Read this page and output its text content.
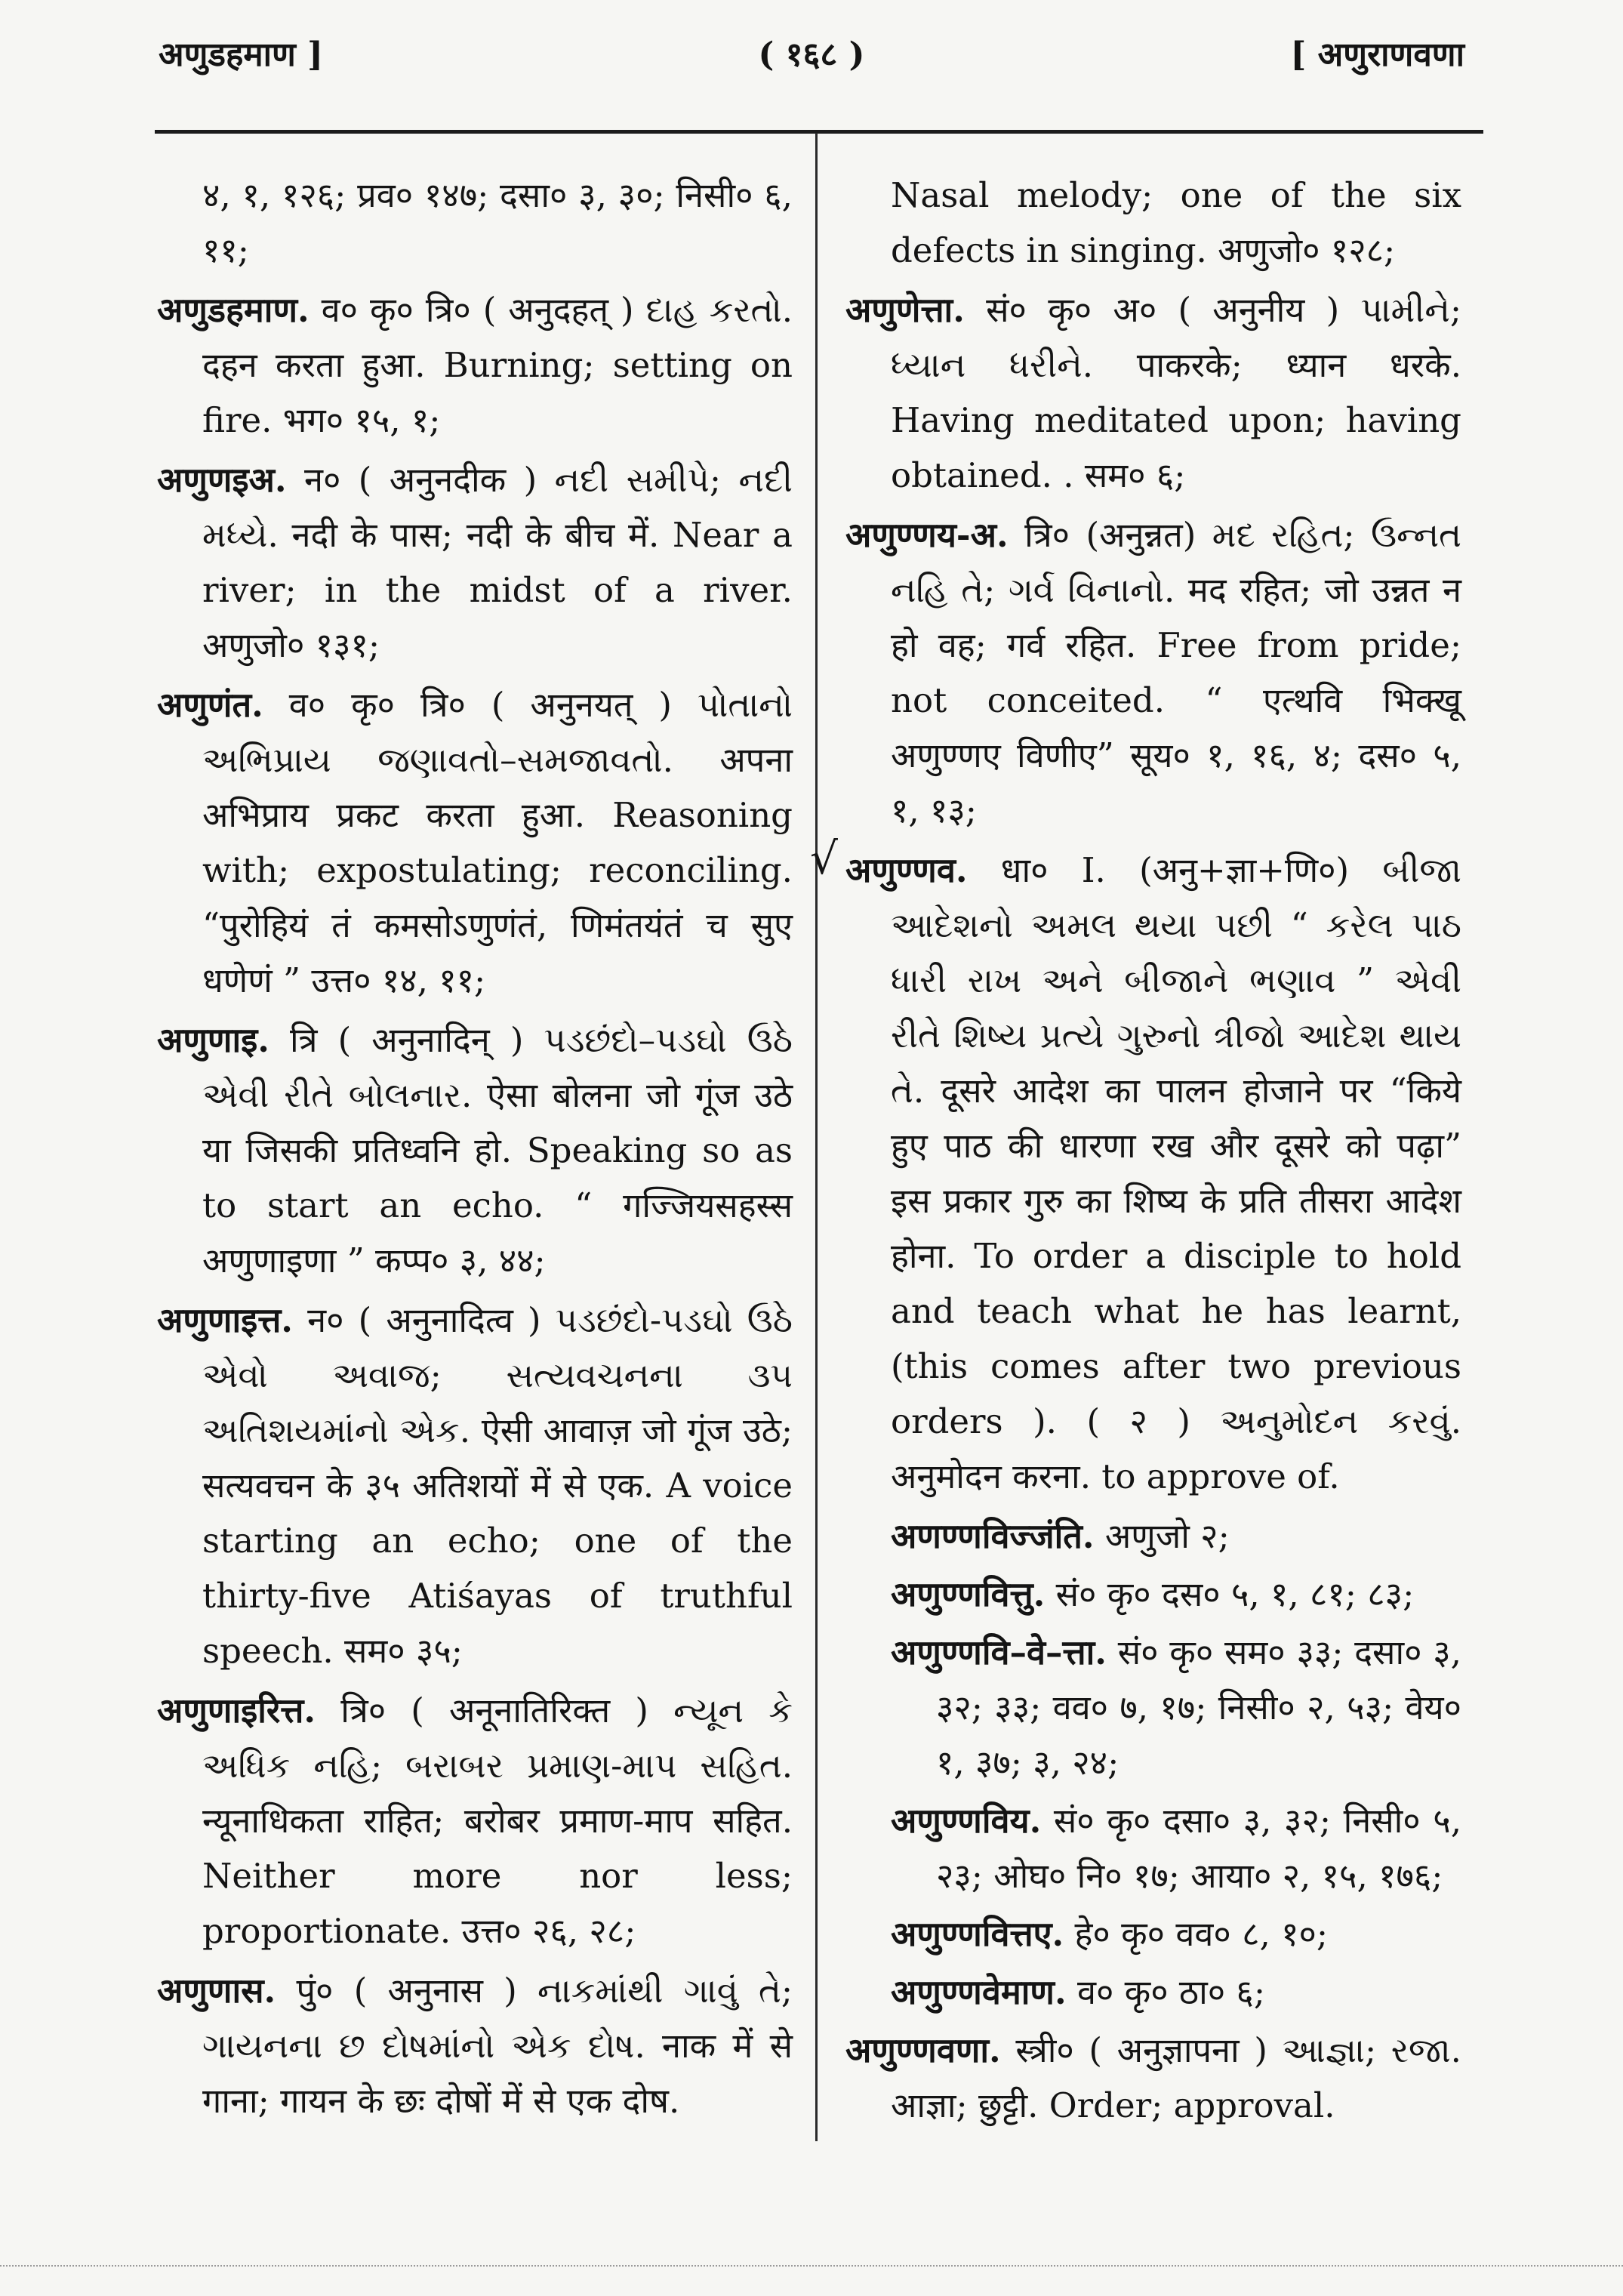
अणुडहमाण ]	( १६८ )	[ अणुराणवणा

४, १, १२६; प्रव० १४७; दसा० ३, ३०; निसी० ६, ११;

अणुडहमाण. व० कृ० त्रि० ( अनुदहत् ) દાહ કરતો. दहन करता हुआ. Burning; setting on fire. भग० १५, १;

अणुणइअ. न० ( अनुनदीक ) નદી સમીપે; નદી મધ્યે. नदी के पास; नदी के बीच में. Near a river; in the midst of a river. अणुजो० १३१;

अणुणंत. व० कृ० त्रि० ( अनुनयत् ) પોતાનો અભિપ્રાય જણાવતો–સમજાવતો. अपना अभिप्राय प्रकट करता हुआ. Reasoning with; expostulating; reconciling. “पुरोहियं तं कमसोऽणुणंतं, णिमंतयंतं च सुए धणेणं ” उत्त० १४, ११;

अणुणाइ. त्रि ( अनुनादिन् ) પડછંદો–પડઘો ઉઠે એવી રીતે બોલનાર. ऐसा बोलना जो गूंज उठे या जिसकी प्रतिध्वनि हो. Speaking so as to start an echo. “ गज्जियसहस्स अणुणाइणा ” कप्प० ३, ४४;

अणुणाइत्त. न० ( अनुनादित्व ) પડછંદો-પડઘો ઉઠે એવો અવાજ; સત્યવચનના ૩૫ અતિશયમાંનો એક. ऐसी आवाज़ जो गूंज उठे; सत्यवचन के ३५ अतिशयों में से एक. A voice starting an echo; one of the thirty-five Atiśayas of truthful speech. सम० ३५;

अणुणाइरित्त. त्रि० ( अनूनातिरिक्त ) ન્યૂન કે અધિક નહિ; બરાબર પ્રમાણ-માપ સહિત. न्यूनाधिकता राहित; बरोबर प्रमाण-माप सहित. Neither more nor less; proportionate. उत्त० २६, २८;

अणुणास. पुं० ( अनुनास ) નાકમાંથી ગાવું તે; ગાયનના છ દોષમાંનો એક દોષ. नाक में से गाना; गायन के छः दोषों में से एक दोष.

√

Nasal melody; one of the six defects in singing. अणुजो० १२८;

अणुणेत्ता. सं० कृ० अ० ( अनुनीय ) પામીને; ધ્યાન ધરીને. पाकरके; ध्यान धरके. Having meditated upon; having obtained. . सम० ६;

अणुण्णय-अ. त्रि० (अनुन्नत) મદ રહિત; ઉન્નત નહિ તે; ગર્વ વિનાનો. मद रहित; जो उन्नत न हो वह; गर्व रहित. Free from pride; not conceited. “ एत्थवि भिक्खू अणुण्णए विणीए” सूय० १, १६, ४; दस० ५, १, १३;

अणुण्णव. धा० I. (अनु+ज्ञा+णि०) બીજા આદેશનો અમલ થયા પછી “ કરેલ પાઠ ધારી રાખ અને બીજાને ભણાવ ” એવી રીતે શિષ્ય પ્રત્યે ગુરુનો ત્રીજો આદેશ થાય તે. दूसरे आदेश का पालन होजाने पर “किये हुए पाठ की धारणा रख और दूसरे को पढ़ा” इस प्रकार गुरु का शिष्य के प्रति तीसरा आदेश होना. To order a disciple to hold and teach what he has learnt, (this comes after two previous orders ). ( २ ) અનુમોદન કરવું. अनुमोदन करना. to approve of.

अणण्णविज्जंति. अणुजो २;

अणुण्णवित्तु. सं० कृ० दस० ५, १, ८१; ८३;

अणुण्णवि–वे–त्ता. सं० कृ० सम० ३३; दसा० ३, ३२; ३३; वव० ७, १७; निसी० २, ५३; वेय० १, ३७; ३, २४;

अणुण्णविय. सं० कृ० दसा० ३, ३२; निसी० ५, २३; ओघ० नि० १७; आया० २, १५, १७६;

अणुण्णवित्तए. हे० कृ० वव० ८, १०;

अणुण्णवेमाण. व० कृ० ठा० ६;

अणुण्णवणा. स्त्री० ( अनुज्ञापना ) આજ્ઞા; રજા. आज्ञा; छुट्टी. Order; approval.
